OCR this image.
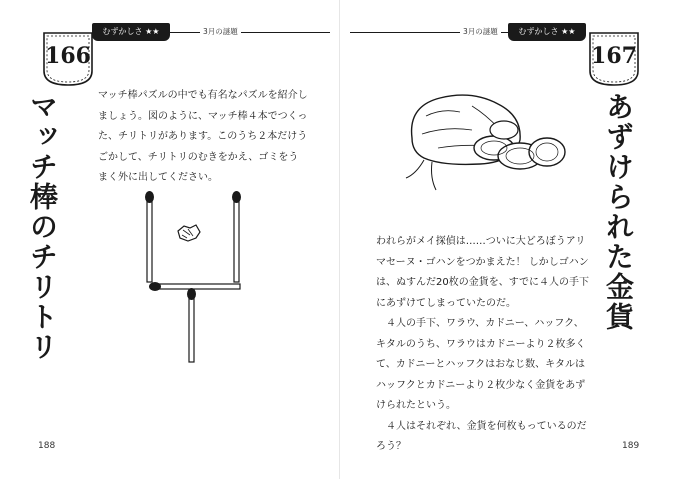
むずかしさ ★★	3月の謎題
166
マッチ棒のチリトリ	マッチ棒パズルの中でも有名なパズルを紹介しましょう。図のように、マッチ棒４本でつくった、チリトリがあります。このうち２本だけうごかして、チリトリのむきをかえ、ゴミをうまく外に出してください。

188
3月の謎題	むずかしさ ★★
167
あずけられた金貨

われらがメイ探偵は……ついに大どろぼうアリマセーヌ・ゴハンをつかまえた！ しかしゴハンは、ぬすんだ20枚の金貨を、すでに４人の手下にあずけてしまっていたのだ。
　４人の手下、ワラウ、カドニー、ハッフク、キタルのうち、ワラウはカドニーより２枚多くて、カドニーとハッフクはおなじ数、キタルはハッフクとカドニーより２枚少なく金貨をあずけられたという。
　４人はそれぞれ、金貨を何枚もっているのだろう？	189
